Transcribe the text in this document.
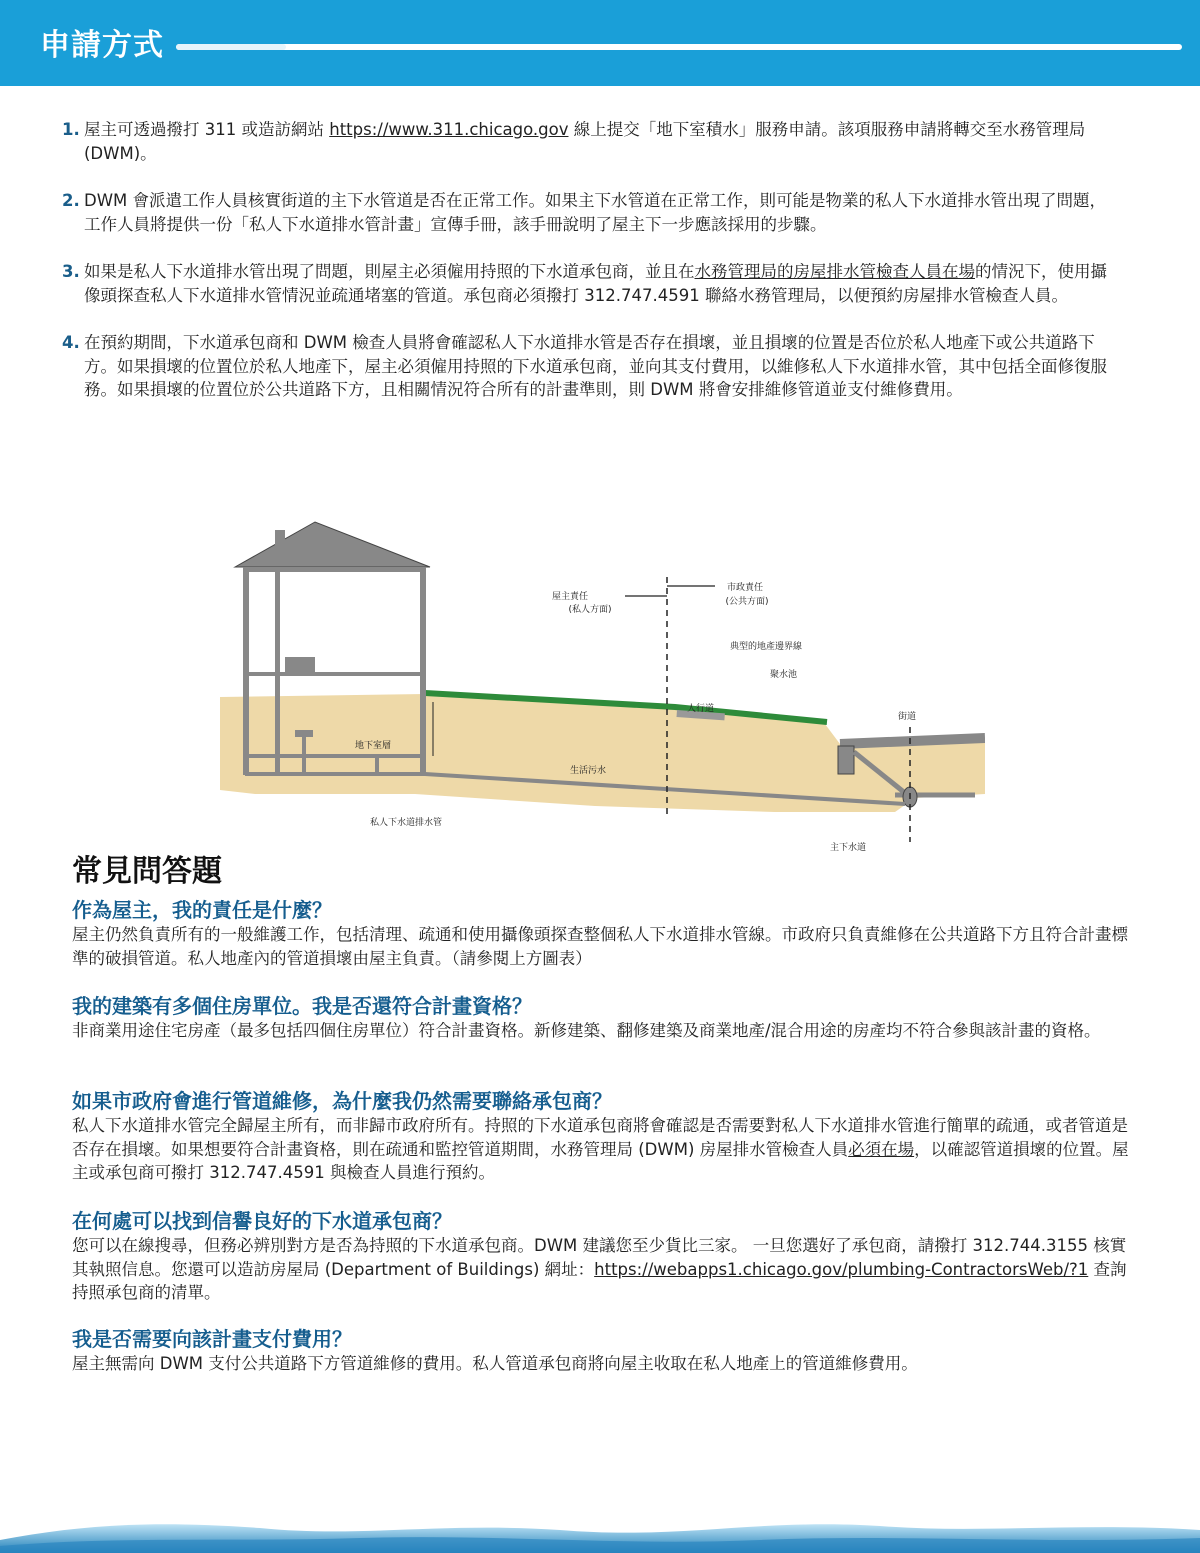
申請方式
1. 屋主可透過撥打 311 或造訪網站 https://www.311.chicago.gov 線上提交「地下室積水」服務申請。該項服務申請將轉交至水務管理局 (DWM)。
2. DWM 會派遣工作人員核實街道的主下水管道是否在正常工作。如果主下水管道在正常工作，則可能是物業的私人下水道排水管出現了問題，工作人員將提供一份「私人下水道排水管計畫」宣傳手冊，該手冊說明了屋主下一步應該採用的步驟。
3. 如果是私人下水道排水管出現了問題，則屋主必須僱用持照的下水道承包商，並且在水務管理局的房屋排水管檢查人員在場的情況下，使用攝像頭探查私人下水道排水管情況並疏通堵塞的管道。承包商必須撥打 312.747.4591 聯絡水務管理局，以便預約房屋排水管檢查人員。
4. 在預約期間，下水道承包商和 DWM 檢查人員將會確認私人下水道排水管是否存在損壞，並且損壞的位置是否位於私人地產下或公共道路下方。如果損壞的位置位於私人地產下，屋主必須僱用持照的下水道承包商，並向其支付費用，以維修私人下水道排水管，其中包括全面修復服務。如果損壞的位置位於公共道路下方，且相關情況符合所有的計畫準則，則 DWM 將會安排維修管道並支付維修費用。
屋主責任
(私人方面)
市政責任
(公共方面)
典型的地產邊界線
聚水池
人行道
街道
地下室層
生活污水
私人下水道排水管
主下水道
常見問答題
作為屋主，我的責任是什麼？
屋主仍然負責所有的一般維護工作，包括清理、疏通和使用攝像頭探查整個私人下水道排水管線。市政府只負責維修在公共道路下方且符合計畫標準的破損管道。私人地產內的管道損壞由屋主負責。（請參閱上方圖表）
我的建築有多個住房單位。我是否還符合計畫資格？
非商業用途住宅房產（最多包括四個住房單位）符合計畫資格。新修建築、翻修建築及商業地產/混合用途的房產均不符合參與該計畫的資格。
如果市政府會進行管道維修，為什麼我仍然需要聯絡承包商？
私人下水道排水管完全歸屋主所有，而非歸市政府所有。持照的下水道承包商將會確認是否需要對私人下水道排水管進行簡單的疏通，或者管道是否存在損壞。如果想要符合計畫資格，則在疏通和監控管道期間，水務管理局 (DWM) 房屋排水管檢查人員必須在場，以確認管道損壞的位置。屋主或承包商可撥打 312.747.4591 與檢查人員進行預約。
在何處可以找到信譽良好的下水道承包商？
您可以在線搜尋，但務必辨別對方是否為持照的下水道承包商。DWM 建議您至少貨比三家。 一旦您選好了承包商，請撥打 312.744.3155 核實其執照信息。您還可以造訪房屋局 (Department of Buildings) 網址：https://webapps1.chicago.gov/plumbing-ContractorsWeb/?1 查詢持照承包商的清單。
我是否需要向該計畫支付費用？
屋主無需向 DWM 支付公共道路下方管道維修的費用。私人管道承包商將向屋主收取在私人地產上的管道維修費用。
